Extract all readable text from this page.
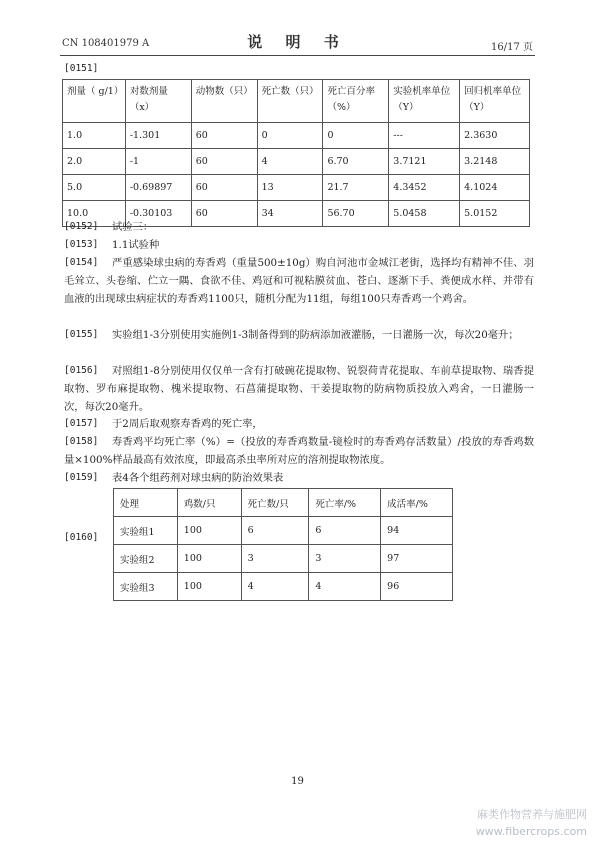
CN 108401979 A	说 明 书	16/17 页
[0151]
剂量（ g/1）	对数剂量（x）	动物数（只）	死亡数（只）	死亡百分率（%）	实验机率单位（Y）	回归机率单位（Y）
1.0	-1.301	60	0	0	---	2.3630
2.0	-1	60	4	6.70	3.7121	3.2148
5.0	-0.69897	60	13	21.7	4.3452	4.1024
10.0	-0.30103	60	34	56.70	5.0458	5.0152
[0152] 试验三：
[0153] 1.1试验种
[0154]	严重感染球虫病的寿香鸡（重量500±10g）购自河池市金城江老街，选择均有精神不佳、羽毛耸立、头卷缩、伫立一隅、食欲不佳、鸡冠和可视粘膜贫血、苍白、逐渐下手、粪便成水样、并带有血液的出现球虫病症状的寿香鸡1100只，随机分配为11组，每组100只寿香鸡一个鸡舍。
[0155]	实验组1-3分别使用实施例1-3制备得到的防病添加液灌肠，一日灌肠一次，每次20毫升；
[0156]	对照组1-8分别使用仅仅单一含有打破碗花提取物、锐裂荷青花提取、车前草提取物、瑞香提取物、罗布麻提取物、槐米提取物、石菖蒲提取物、干姜提取物的防病物质投放入鸡舍，一日灌肠一次，每次20毫升。
[0157] 于2周后取观察寿香鸡的死亡率，
[0158]	寿香鸡平均死亡率（%）=（投放的寿香鸡数量-镜检时的寿香鸡存活数量）/投放的寿香鸡数量×100%样品最高有效浓度，即最高杀虫率所对应的溶剂提取物浓度。
[0159] 表4各个组药剂对球虫病的防治效果表
[0160]
处理	鸡数/只	死亡数/只	死亡率/%	成活率/%
实验组1	100	6	6	94
实验组2	100	3	3	97
实验组3	100	4	4	96
19
麻类作物营养与施肥网
www.fibercrops.com
